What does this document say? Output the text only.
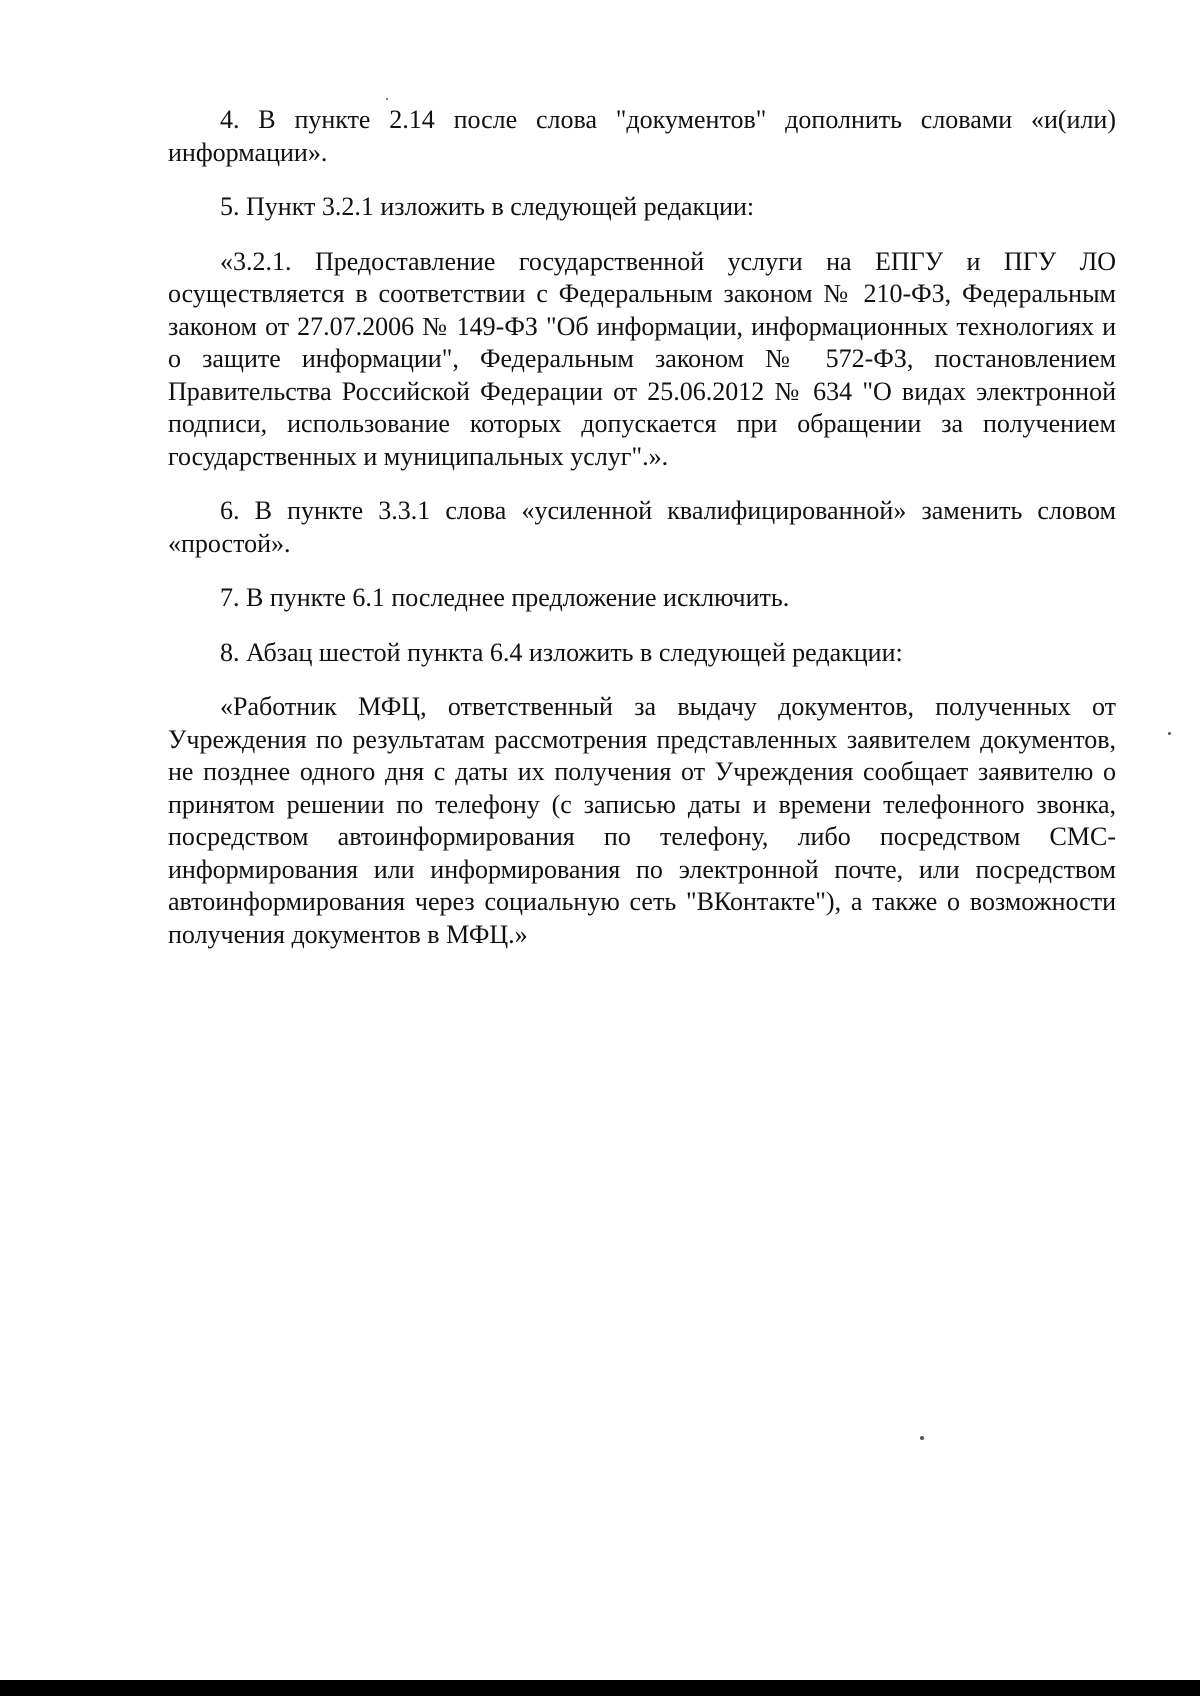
4. В пункте 2.14 после слова "документов" дополнить словами «и(или) информации».

5. Пункт 3.2.1 изложить в следующей редакции:

«3.2.1. Предоставление государственной услуги на ЕПГУ и ПГУ ЛО осуществляется в соответствии с Федеральным законом № 210-ФЗ, Федеральным законом от 27.07.2006 № 149-ФЗ "Об информации, информационных технологиях и о защите информации", Федеральным законом № 572-ФЗ, постановлением Правительства Российской Федерации от 25.06.2012 № 634 "О видах электронной подписи, использование которых допускается при обращении за получением государственных и муниципальных услуг".».

6. В пункте 3.3.1 слова «усиленной квалифицированной» заменить словом «простой».

7. В пункте 6.1 последнее предложение исключить.

8. Абзац шестой пункта 6.4 изложить в следующей редакции:

«Работник МФЦ, ответственный за выдачу документов, полученных от Учреждения по результатам рассмотрения представленных заявителем документов, не позднее одного дня с даты их получения от Учреждения сообщает заявителю о принятом решении по телефону (с записью даты и времени телефонного звонка, посредством автоинформирования по телефону, либо посредством СМС-информирования или информирования по электронной почте, или посредством автоинформирования через социальную сеть "ВКонтакте"), а также о возможности получения документов в МФЦ.»
